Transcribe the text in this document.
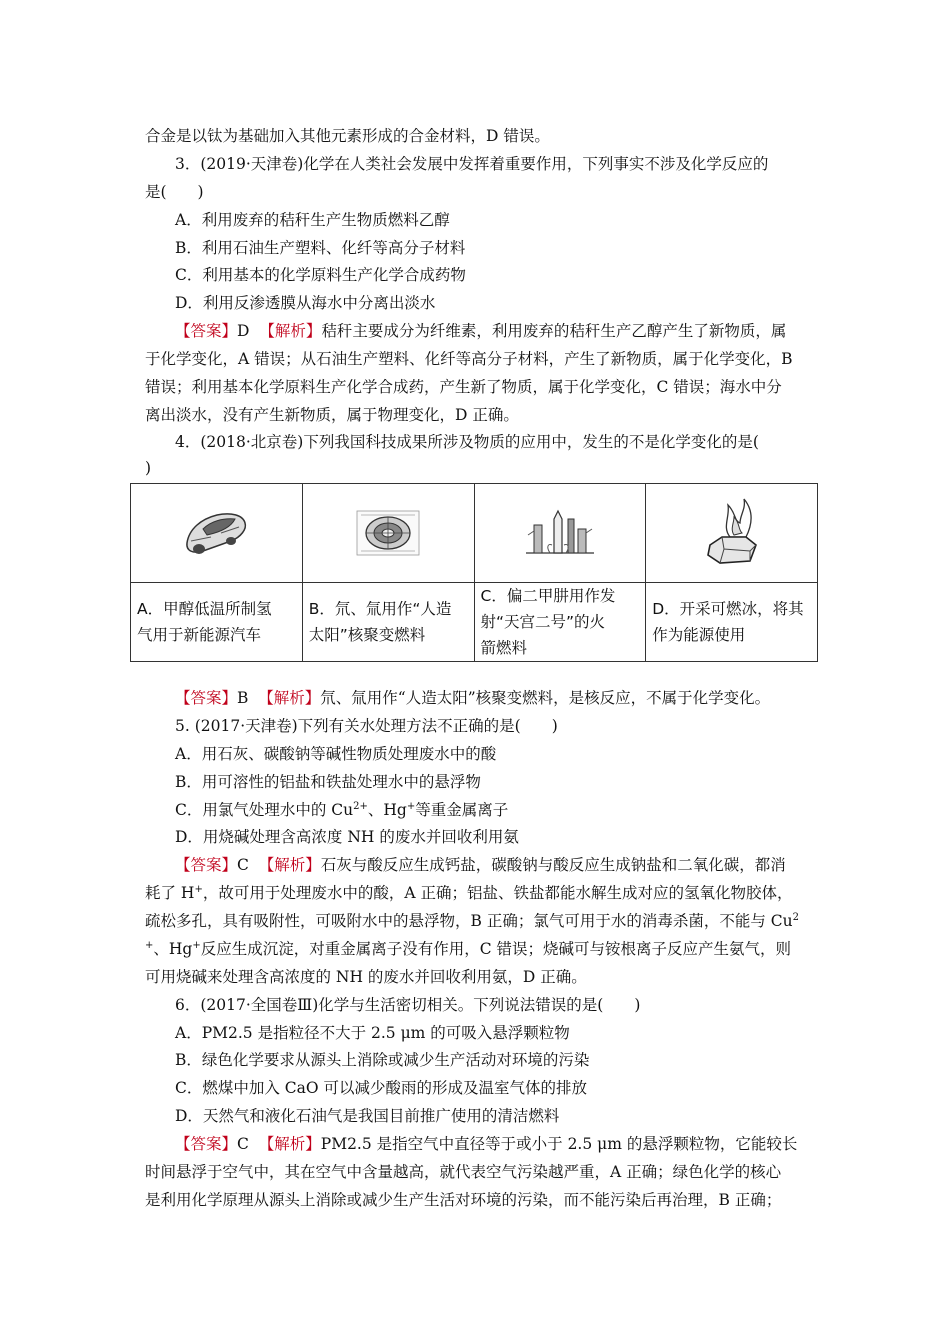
合金是以钛为基础加入其他元素形成的合金材料，D 错误。
3．(2019·天津卷)化学在人类社会发展中发挥着重要作用，下列事实不涉及化学反应的
是(　　)
A．利用废弃的秸秆生产生物质燃料乙醇
B．利用石油生产塑料、化纤等高分子材料
C．利用基本的化学原料生产化学合成药物
D．利用反渗透膜从海水中分离出淡水
【答案】D 【解析】秸秆主要成分为纤维素，利用废弃的秸秆生产乙醇产生了新物质，属
于化学变化，A 错误；从石油生产塑料、化纤等高分子材料，产生了新物质，属于化学变化，B
错误；利用基本化学原料生产化学合成药，产生新了物质，属于化学变化，C 错误；海水中分
离出淡水，没有产生新物质，属于物理变化，D 正确。
4．(2018·北京卷)下列我国科技成果所涉及物质的应用中，发生的不是化学变化的是(
)

A．甲醇低温所制氢
气用于新能源汽车	B．氘、氚用作“人造
太阳”核聚变燃料	C．偏二甲肼用作发
射“天宫二号”的火
箭燃料	D．开采可燃冰，将其
作为能源使用
【答案】B 【解析】氘、氚用作“人造太阳”核聚变燃料，是核反应，不属于化学变化。
5. (2017·天津卷)下列有关水处理方法不正确的是(　　)
A．用石灰、碳酸钠等碱性物质处理废水中的酸
B．用可溶性的铝盐和铁盐处理水中的悬浮物
C．用氯气处理水中的 $Cu^{2+}$、Hg+等重金属离子
D．用烧碱处理含高浓度 NH 的废水并回收利用氨
【答案】C 【解析】石灰与酸反应生成钙盐，碳酸钠与酸反应生成钠盐和二氧化碳，都消
耗了 H+，故可用于处理废水中的酸，A 正确；铝盐、铁盐都能水解生成对应的氢氧化物胶体，
疏松多孔，具有吸附性，可吸附水中的悬浮物，B 正确；氯气可用于水的消毒杀菌，不能与 Cu$^2$
+、Hg+反应生成沉淀，对重金属离子没有作用，C 错误；烧碱可与铵根离子反应产生氨气，则
可用烧碱来处理含高浓度的 NH 的废水并回收利用氨，D 正确。
6．(2017·全国卷Ⅲ)化学与生活密切相关。下列说法错误的是(　　)
A．PM2.5 是指粒径不大于 2.5 μm 的可吸入悬浮颗粒物
B．绿色化学要求从源头上消除或减少生产活动对环境的污染
C．燃煤中加入 CaO 可以减少酸雨的形成及温室气体的排放
D．天然气和液化石油气是我国目前推广使用的清洁燃料
【答案】C 【解析】PM2.5 是指空气中直径等于或小于 2.5 μm 的悬浮颗粒物，它能较长
时间悬浮于空气中，其在空气中含量越高，就代表空气污染越严重，A 正确；绿色化学的核心
是利用化学原理从源头上消除或减少生产生活对环境的污染，而不能污染后再治理，B 正确；
